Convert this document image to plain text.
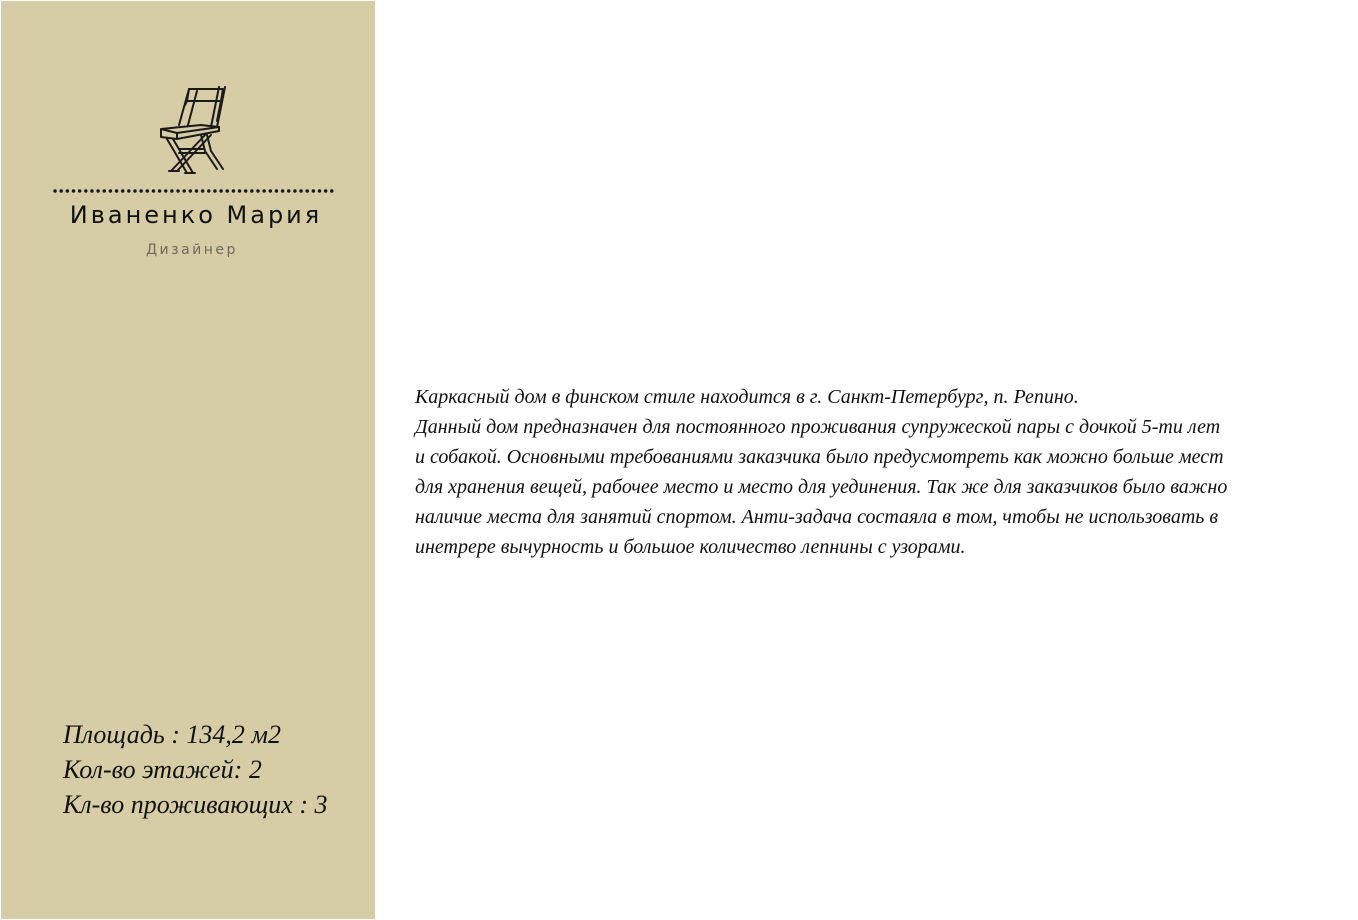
Иваненко Мария
Дизайнер
Площадь : 134,2 м2
Кол-во этажей: 2
Кл-во проживающих : 3
Каркасный дом в финском стиле находится в г. Санкт-Петербург, п. Репино.
Данный дом предназначен для постоянного проживания супружеской пары с дочкой 5-ти лет
и собакой. Основными требованиями заказчика было предусмотреть как можно больше мест
для хранения вещей, рабочее место и место для уединения. Так же для заказчиков было важно
наличие места для занятий спортом. Анти-задача состаяла в том, чтобы не использовать в
инетрере вычурность и большое количество лепнины с узорами.
